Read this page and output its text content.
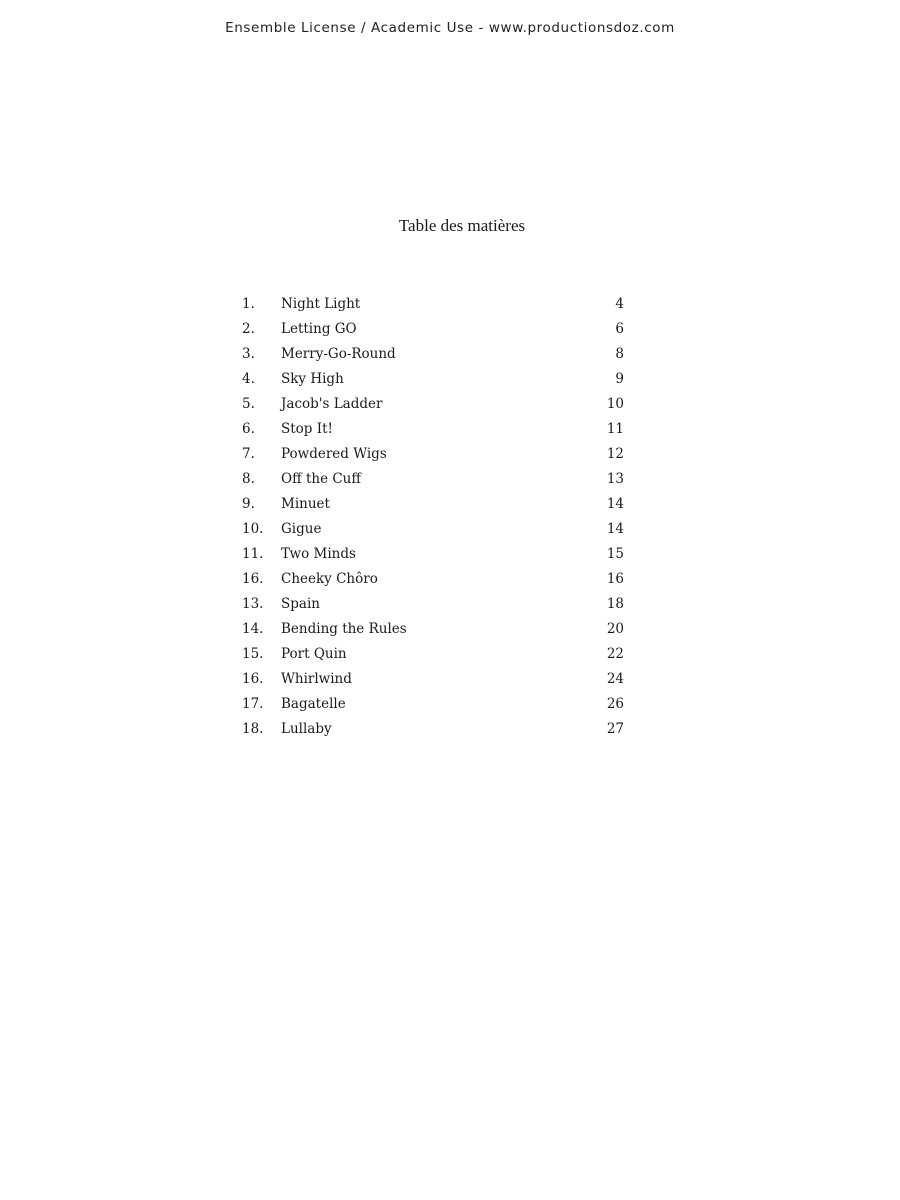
Ensemble License / Academic Use - www.productionsdoz.com
Table des matières
1.	Night Light	4
2.	Letting GO	6
3.	Merry-Go-Round	8
4.	Sky High	9
5.	Jacob's Ladder	10
6.	Stop It!	11
7.	Powdered Wigs	12
8.	Off the Cuff	13
9.	Minuet	14
10.	Gigue	14
11.	Two Minds	15
16.	Cheeky Chôro	16
13.	Spain	18
14.	Bending the Rules	20
15.	Port Quin	22
16.	Whirlwind	24
17.	Bagatelle	26
18.	Lullaby	27
